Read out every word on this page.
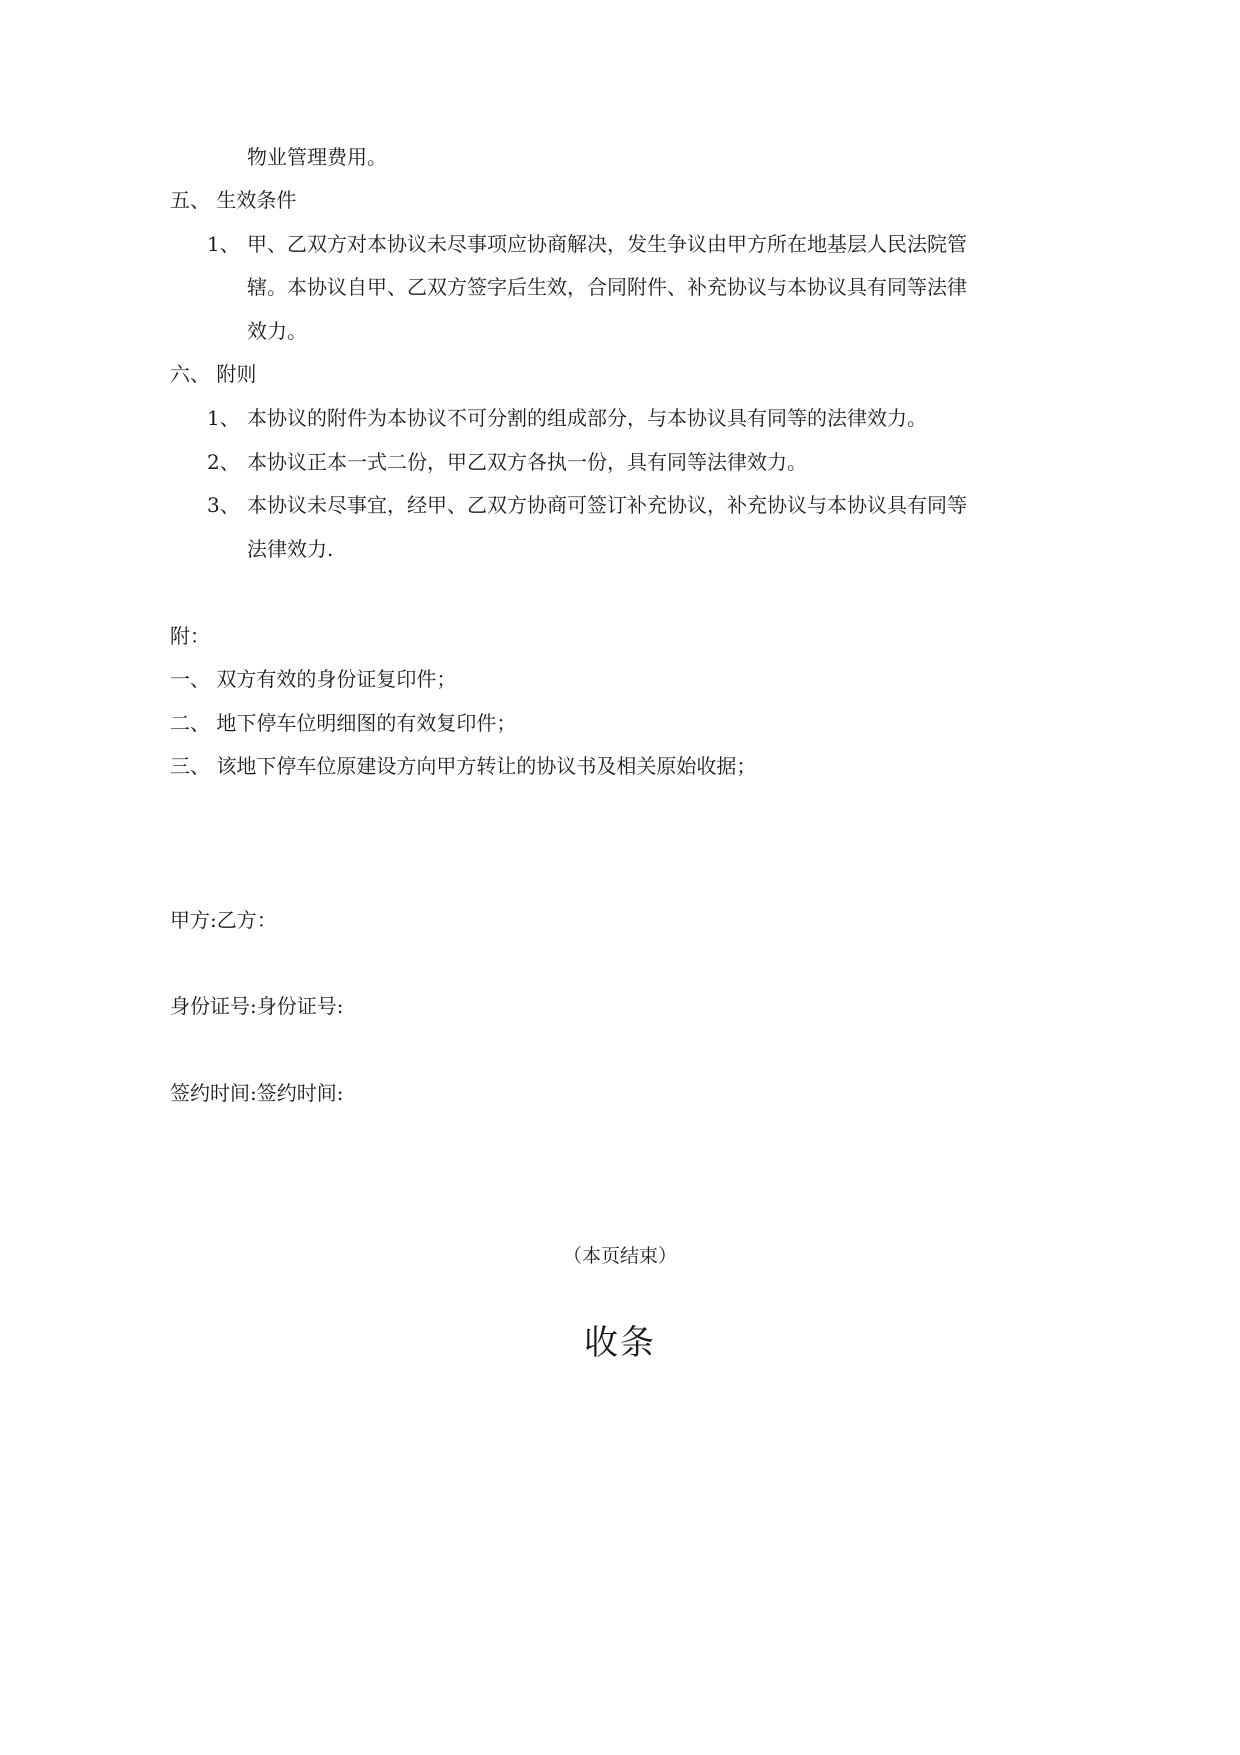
物业管理费用。

五、 生效条件

1、 甲、乙双方对本协议未尽事项应协商解决，发生争议由甲方所在地基层人民法院管

辖。本协议自甲、乙双方签字后生效，合同附件、补充协议与本协议具有同等法律

效力。

六、 附则

1、 本协议的附件为本协议不可分割的组成部分，与本协议具有同等的法律效力。

2、 本协议正本一式二份，甲乙双方各执一份，具有同等法律效力。

3、 本协议未尽事宜，经甲、乙双方协商可签订补充协议，补充协议与本协议具有同等

法律效力.

附：

一、 双方有效的身份证复印件；

二、 地下停车位明细图的有效复印件；

三、 该地下停车位原建设方向甲方转让的协议书及相关原始收据；

甲方:乙方：

身份证号:身份证号:

签约时间:签约时间:

（本页结束）

收条
